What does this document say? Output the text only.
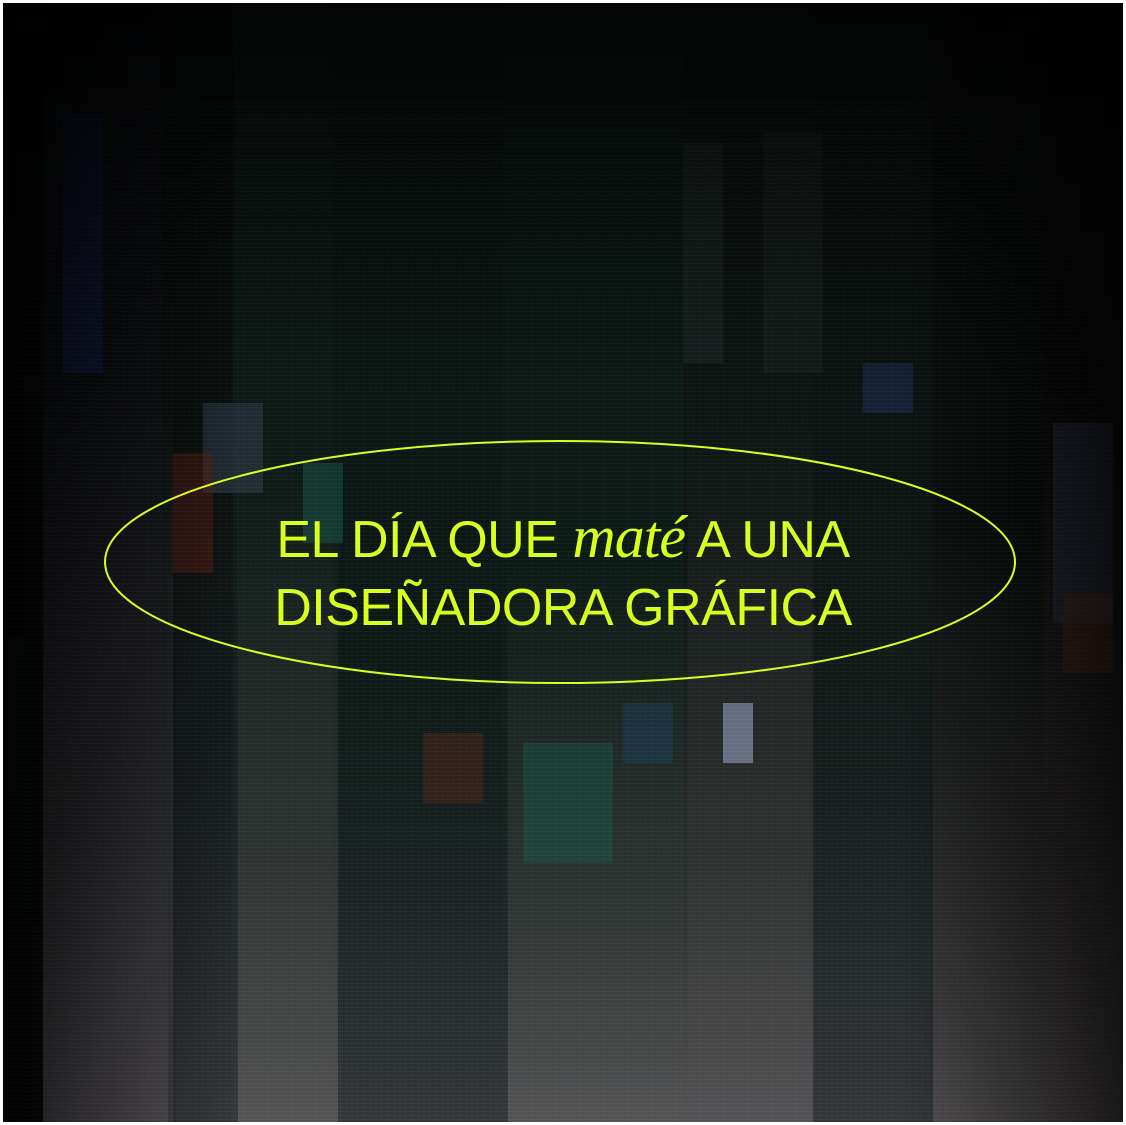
EL DÍA QUE maté A UNA
DISEÑADORA GRÁFICA
